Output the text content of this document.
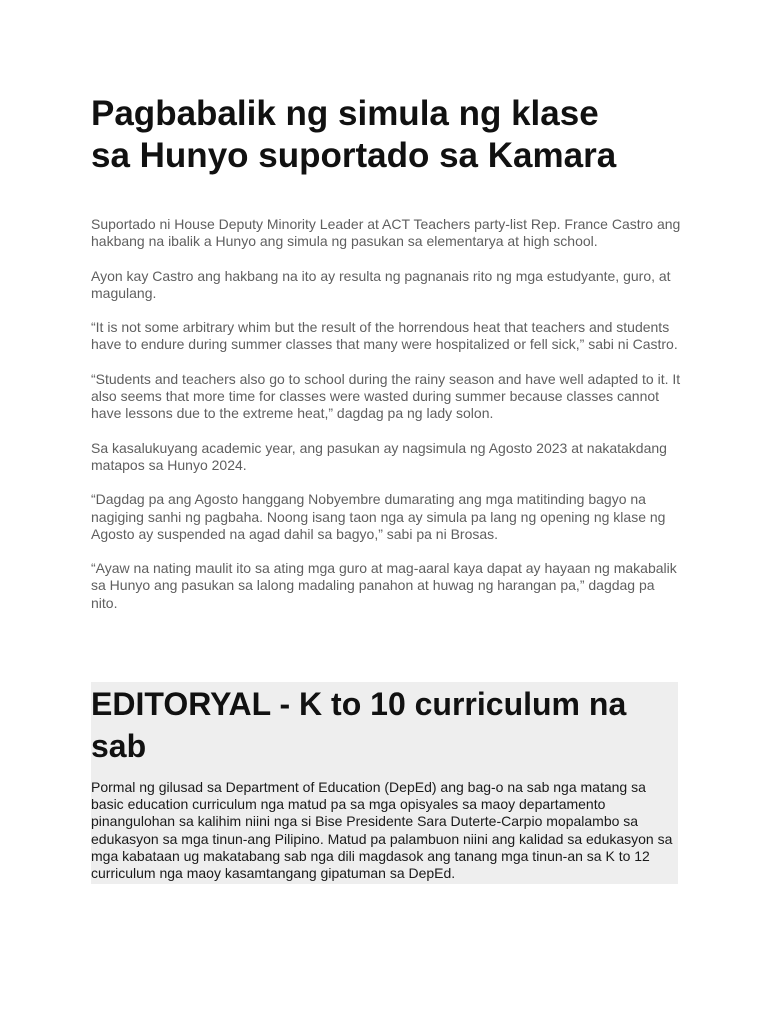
Pagbabalik ng simula ng klase
sa Hunyo suportado sa Kamara

Suportado ni House Deputy Minority Leader at ACT Teachers party-list Rep. France Castro ang hakbang na ibalik a Hunyo ang simula ng pasukan sa elementarya at high school.

Ayon kay Castro ang hakbang na ito ay resulta ng pagnanais rito ng mga estudyante, guro, at magulang.

“It is not some arbitrary whim but the result of the horrendous heat that teachers and students have to endure during summer classes that many were hospitalized or fell sick,” sabi ni Castro.

“Students and teachers also go to school during the rainy season and have well adapted to it. It also seems that more time for classes were wasted during summer because classes cannot have lessons due to the extreme heat,” dagdag pa ng lady solon.

Sa kasalukuyang academic year, ang pasukan ay nagsimula ng Agosto 2023 at nakatakdang matapos sa Hunyo 2024.

“Dagdag pa ang Agosto hanggang Nobyembre dumarating ang mga matitinding bagyo na nagiging sanhi ng pagbaha. Noong isang taon nga ay simula pa lang ng opening ng klase ng Agosto ay suspended na agad dahil sa bagyo,” sabi pa ni Brosas.

“Ayaw na nating maulit ito sa ating mga guro at mag-aaral kaya dapat ay hayaan ng makabalik sa Hunyo ang pasukan sa lalong madaling panahon at huwag ng harangan pa,” dagdag pa nito.

EDITORYAL - K to 10 curriculum na
sab

Pormal ng gilusad sa Department of Education (DepEd) ang bag-o na sab nga matang sa basic education curriculum nga matud pa sa mga opisyales sa maoy departamento pinangulohan sa kalihim niini nga si Bise Presidente Sara Duterte-Carpio mopalambo sa edukasyon sa mga tinun-ang Pilipino. Matud pa palambuon niini ang kalidad sa edukasyon sa mga kabataan ug makatabang sab nga dili magdasok ang tanang mga tinun-an sa K to 12 curriculum nga maoy kasamtangang gipatuman sa DepEd.
